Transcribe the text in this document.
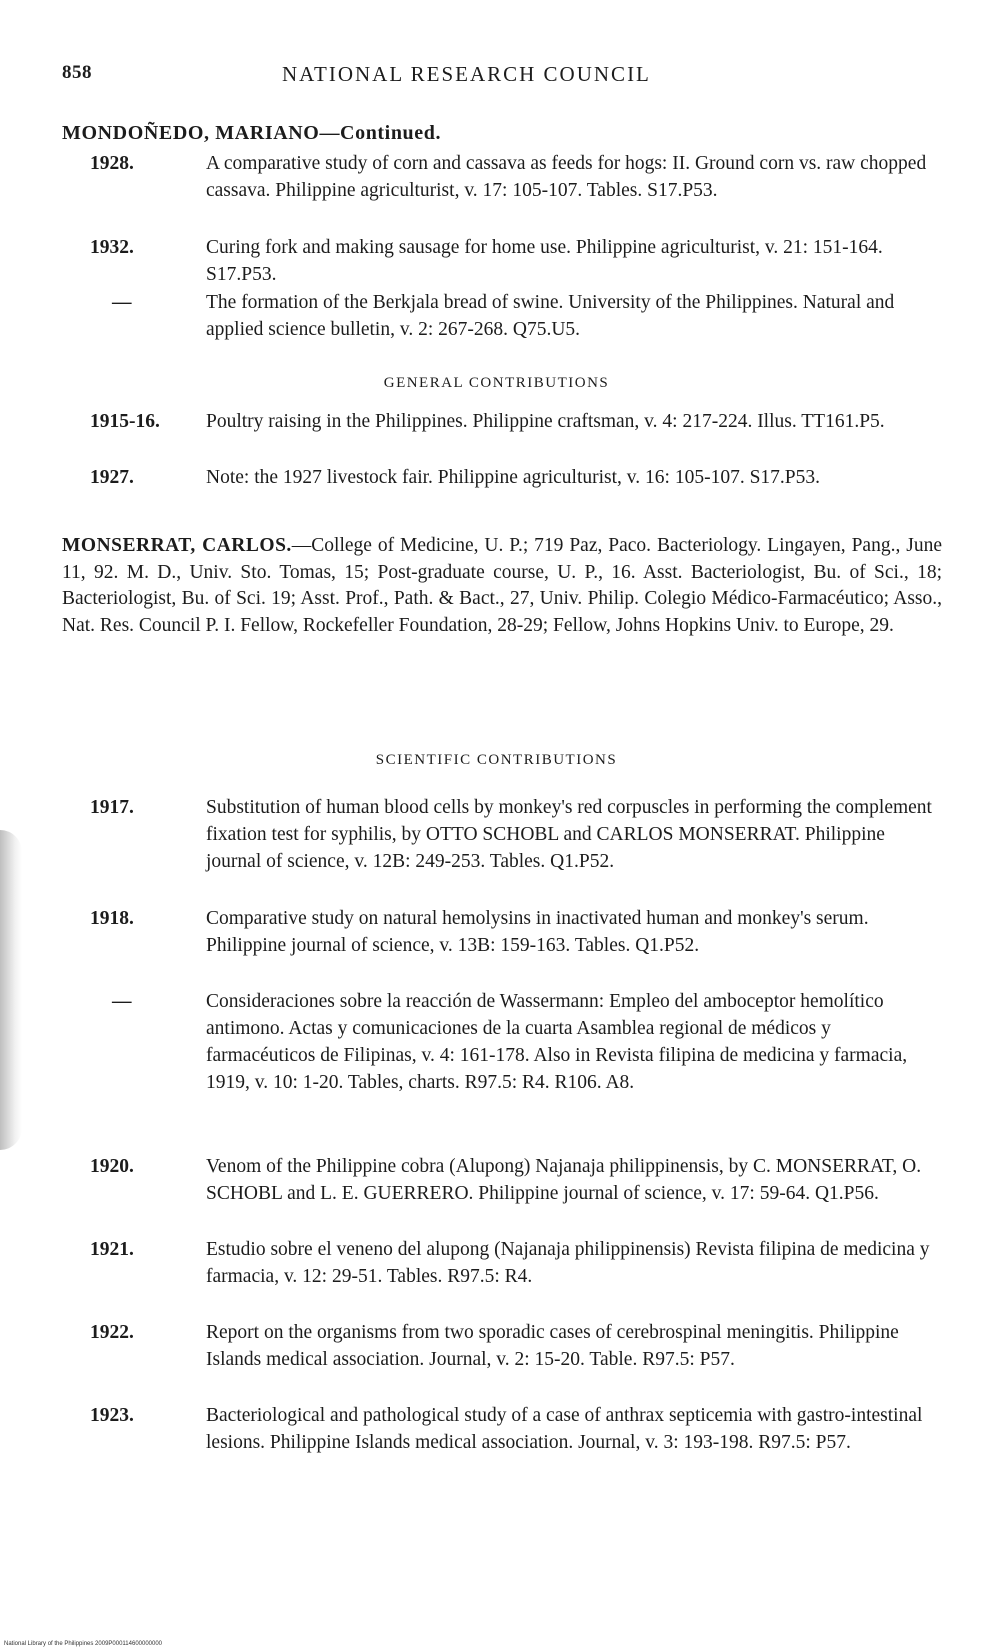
858	NATIONAL RESEARCH COUNCIL
MONDOÑEDO, MARIANO—Continued.
1928.	A comparative study of corn and cassava as feeds for hogs: II. Ground corn vs. raw chopped cassava. Philippine agriculturist, v. 17: 105-107. Tables. S17.P53.
1932.	Curing fork and making sausage for home use. Philippine agriculturist, v. 21: 151-164. S17.P53.
—	The formation of the Berkjala bread of swine. University of the Philippines. Natural and applied science bulletin, v. 2: 267-268. Q75.U5.
GENERAL CONTRIBUTIONS
1915-16. Poultry raising in the Philippines. Philippine craftsman, v. 4: 217-224. Illus. TT161.P5.
1927.	Note: the 1927 livestock fair. Philippine agriculturist, v. 16: 105-107. S17.P53.
MONSERRAT, CARLOS.—College of Medicine, U. P.; 719 Paz, Paco. Bacteriology. Lingayen, Pang., June 11, 92. M. D., Univ. Sto. Tomas, 15; Post-graduate course, U. P., 16. Asst. Bacteriologist, Bu. of Sci., 18; Bacteriologist, Bu. of Sci. 19; Asst. Prof., Path. & Bact., 27, Univ. Philip. Colegio Médico-Farmacéutico; Asso., Nat. Res. Council P. I. Fellow, Rockefeller Foundation, 28-29; Fellow, Johns Hopkins Univ. to Europe, 29.
SCIENTIFIC CONTRIBUTIONS
1917.	Substitution of human blood cells by monkey's red corpuscles in performing the complement fixation test for syphilis, by OTTO SCHOBL and CARLOS MONSERRAT. Philippine journal of science, v. 12B: 249-253. Tables. Q1.P52.
1918.	Comparative study on natural hemolysins in inactivated human and monkey's serum. Philippine journal of science, v. 13B: 159-163. Tables. Q1.P52.
—	Consideraciones sobre la reacción de Wassermann: Empleo del amboceptor hemolítico antimono. Actas y comunicaciones de la cuarta Asamblea regional de médicos y farmacéuticos de Filipinas, v. 4: 161-178. Also in Revista filipina de medicina y farmacia, 1919, v. 10: 1-20. Tables, charts. R97.5: R4. R106. A8.
1920.	Venom of the Philippine cobra (Alupong) Najanaja philippinensis, by C. MONSERRAT, O. SCHOBL and L. E. GUERRERO. Philippine journal of science, v. 17: 59-64. Q1.P56.
1921.	Estudio sobre el veneno del alupong (Najanaja philippinensis) Revista filipina de medicina y farmacia, v. 12: 29-51. Tables. R97.5: R4.
1922.	Report on the organisms from two sporadic cases of cerebrospinal meningitis. Philippine Islands medical association. Journal, v. 2: 15-20. Table. R97.5: P57.
1923.	Bacteriological and pathological study of a case of anthrax septicemia with gastro-intestinal lesions. Philippine Islands medical association. Journal, v. 3: 193-198. R97.5: P57.
National Library of the Philippines 2009P000114600000000
